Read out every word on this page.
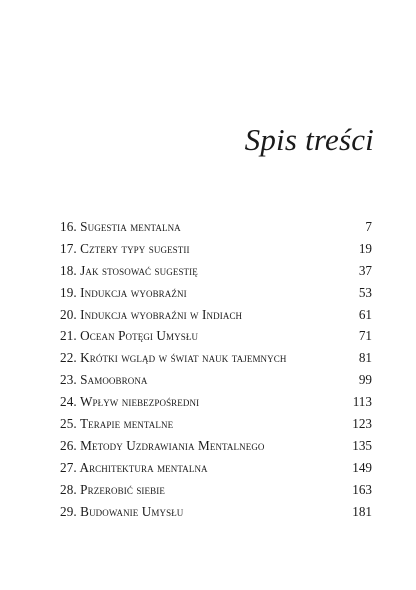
Spis treści
16. Sugestia mentalna	7
17. Cztery typy sugestii	19
18. Jak stosować sugestię	37
19. Indukcja wyobraźni	53
20. Indukcja wyobraźni w Indiach	61
21. Ocean Potęgi Umysłu	71
22. Krótki wgląd w świat nauk tajemnych	81
23. Samoobrona	99
24. Wpływ niebezpośredni	113
25. Terapie mentalne	123
26. Metody Uzdrawiania Mentalnego	135
27. Architektura mentalna	149
28. Przerobić siebie	163
29. Budowanie Umysłu	181
